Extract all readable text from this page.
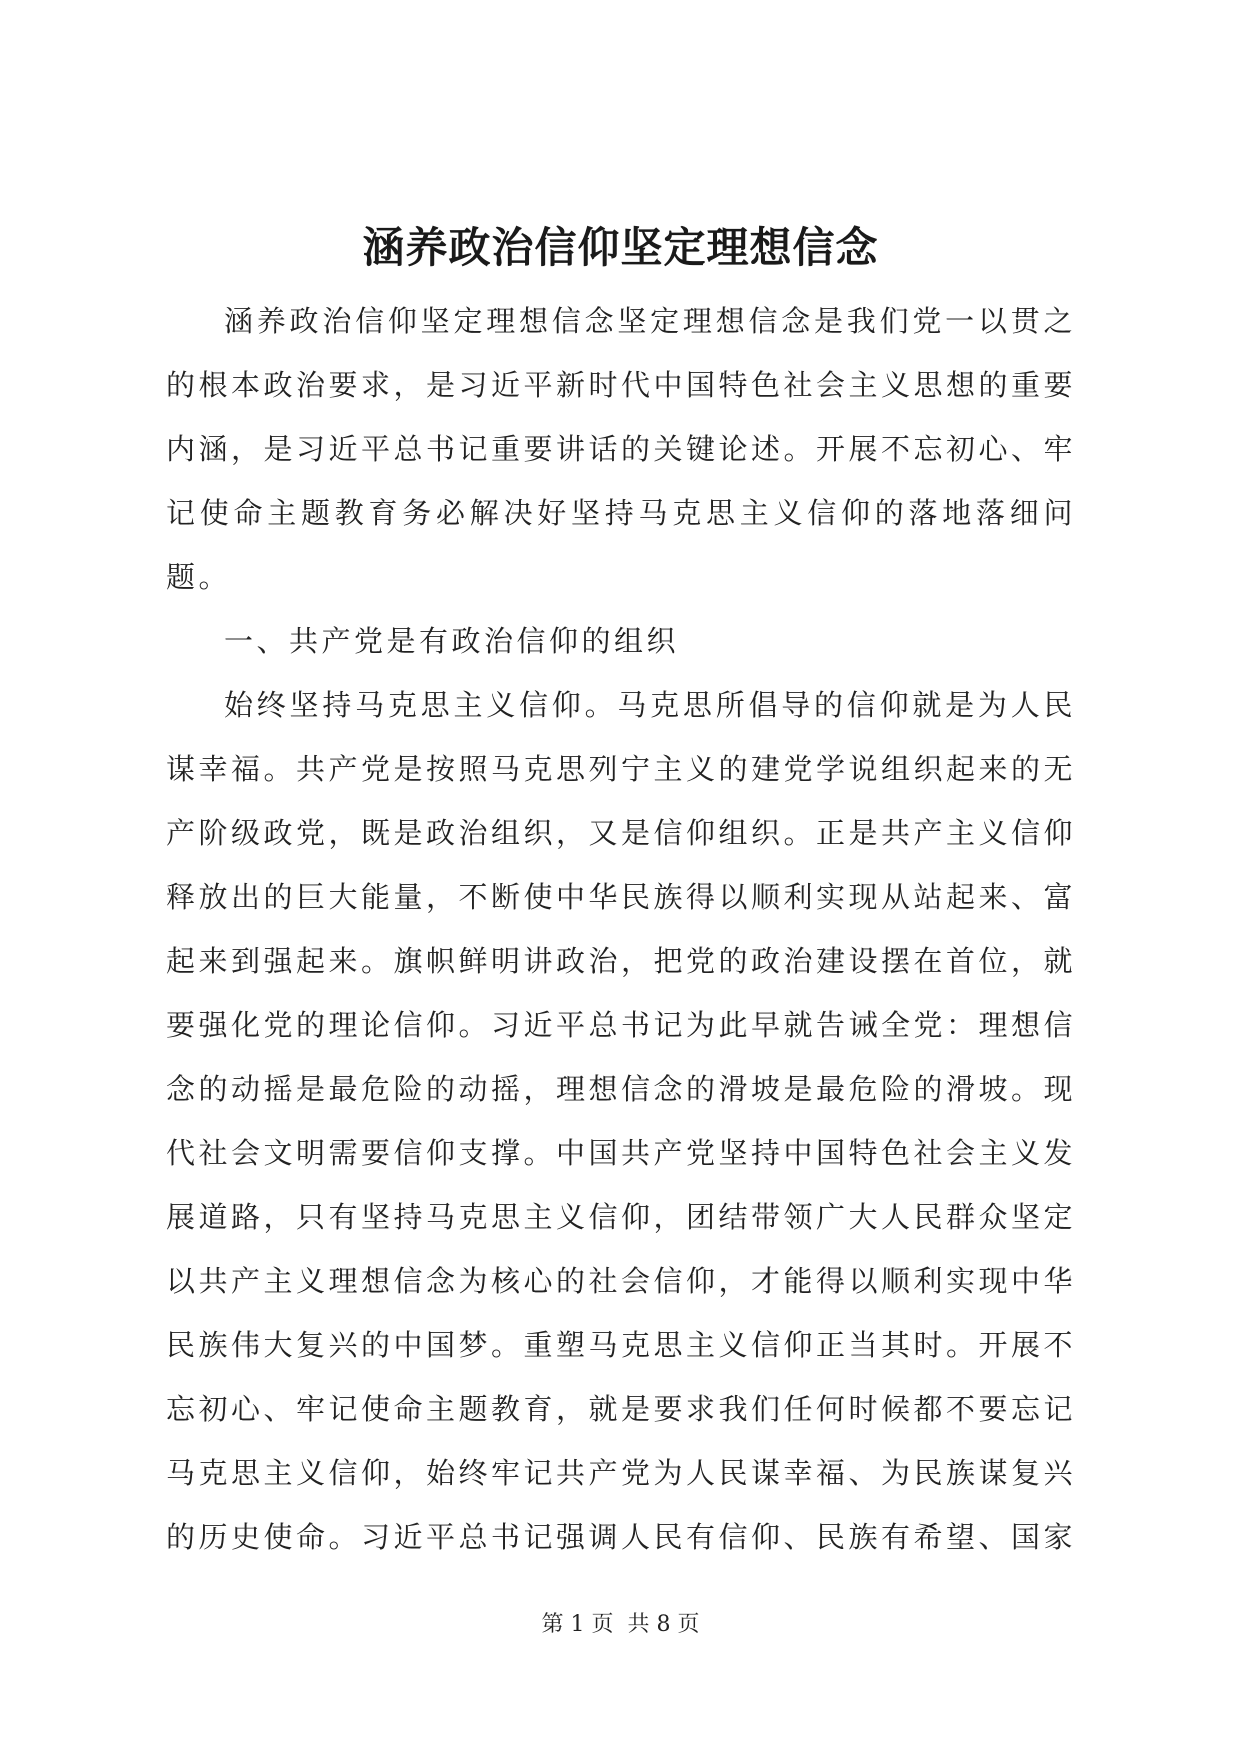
涵养政治信仰坚定理想信念

涵养政治信仰坚定理想信念坚定理想信念是我们党一以贯之的根本政治要求，是习近平新时代中国特色社会主义思想的重要内涵，是习近平总书记重要讲话的关键论述。开展不忘初心、牢记使命主题教育务必解决好坚持马克思主义信仰的落地落细问题。

一、共产党是有政治信仰的组织

始终坚持马克思主义信仰。马克思所倡导的信仰就是为人民谋幸福。共产党是按照马克思列宁主义的建党学说组织起来的无产阶级政党，既是政治组织，又是信仰组织。正是共产主义信仰释放出的巨大能量，不断使中华民族得以顺利实现从站起来、富起来到强起来。旗帜鲜明讲政治，把党的政治建设摆在首位，就要强化党的理论信仰。习近平总书记为此早就告诫全党：理想信念的动摇是最危险的动摇，理想信念的滑坡是最危险的滑坡。现代社会文明需要信仰支撑。中国共产党坚持中国特色社会主义发展道路，只有坚持马克思主义信仰，团结带领广大人民群众坚定以共产主义理想信念为核心的社会信仰，才能得以顺利实现中华民族伟大复兴的中国梦。重塑马克思主义信仰正当其时。开展不忘初心、牢记使命主题教育，就是要求我们任何时候都不要忘记马克思主义信仰，始终牢记共产党为人民谋幸福、为民族谋复兴的历史使命。习近平总书记强调人民有信仰、民族有希望、国家

第 1 页  共 8 页
